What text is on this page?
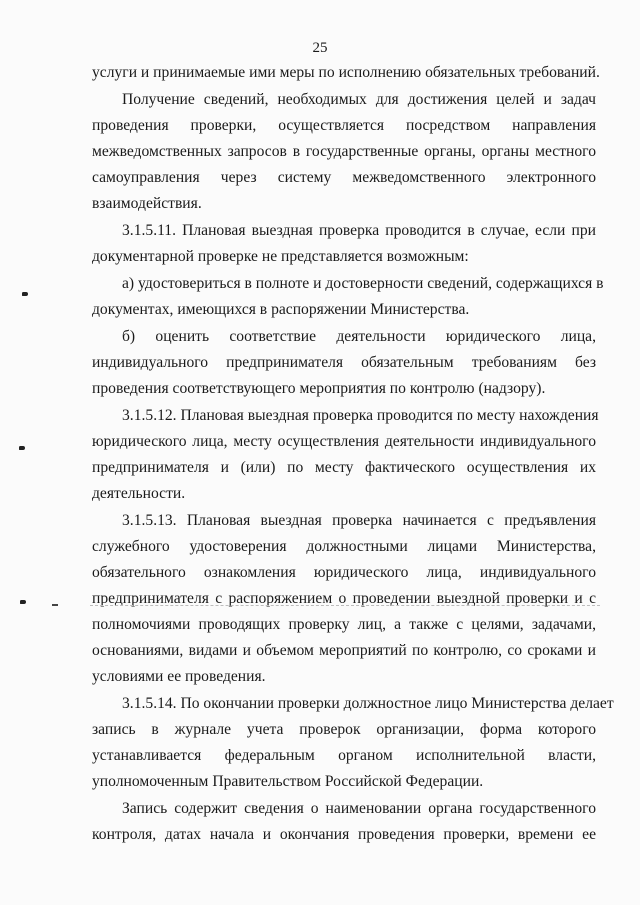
25
услуги и принимаемые ими меры по исполнению обязательных требований.
Получение сведений, необходимых для достижения целей и задач
проведения проверки, осуществляется посредством направления
межведомственных запросов в государственные органы, органы местного
самоуправления через систему межведомственного электронного
взаимодействия.
3.1.5.11. Плановая выездная проверка проводится в случае, если при
документарной проверке не представляется возможным:
а) удостовериться в полноте и достоверности сведений, содержащихся в
документах, имеющихся в распоряжении Министерства.
б) оценить соответствие деятельности юридического лица,
индивидуального предпринимателя обязательным требованиям без
проведения соответствующего мероприятия по контролю (надзору).
3.1.5.12. Плановая выездная проверка проводится по месту нахождения
юридического лица, месту осуществления деятельности индивидуального
предпринимателя и (или) по месту фактического осуществления их
деятельности.
3.1.5.13. Плановая выездная проверка начинается с предъявления
служебного удостоверения должностными лицами Министерства,
обязательного ознакомления юридического лица, индивидуального
предпринимателя с распоряжением о проведении выездной проверки и с
полномочиями проводящих проверку лиц, а также с целями, задачами,
основаниями, видами и объемом мероприятий по контролю, со сроками и
условиями ее проведения.
3.1.5.14. По окончании проверки должностное лицо Министерства делает
запись в журнале учета проверок организации, форма которого
устанавливается федеральным органом исполнительной власти,
уполномоченным Правительством Российской Федерации.
Запись содержит сведения о наименовании органа государственного
контроля, датах начала и окончания проведения проверки, времени ее
